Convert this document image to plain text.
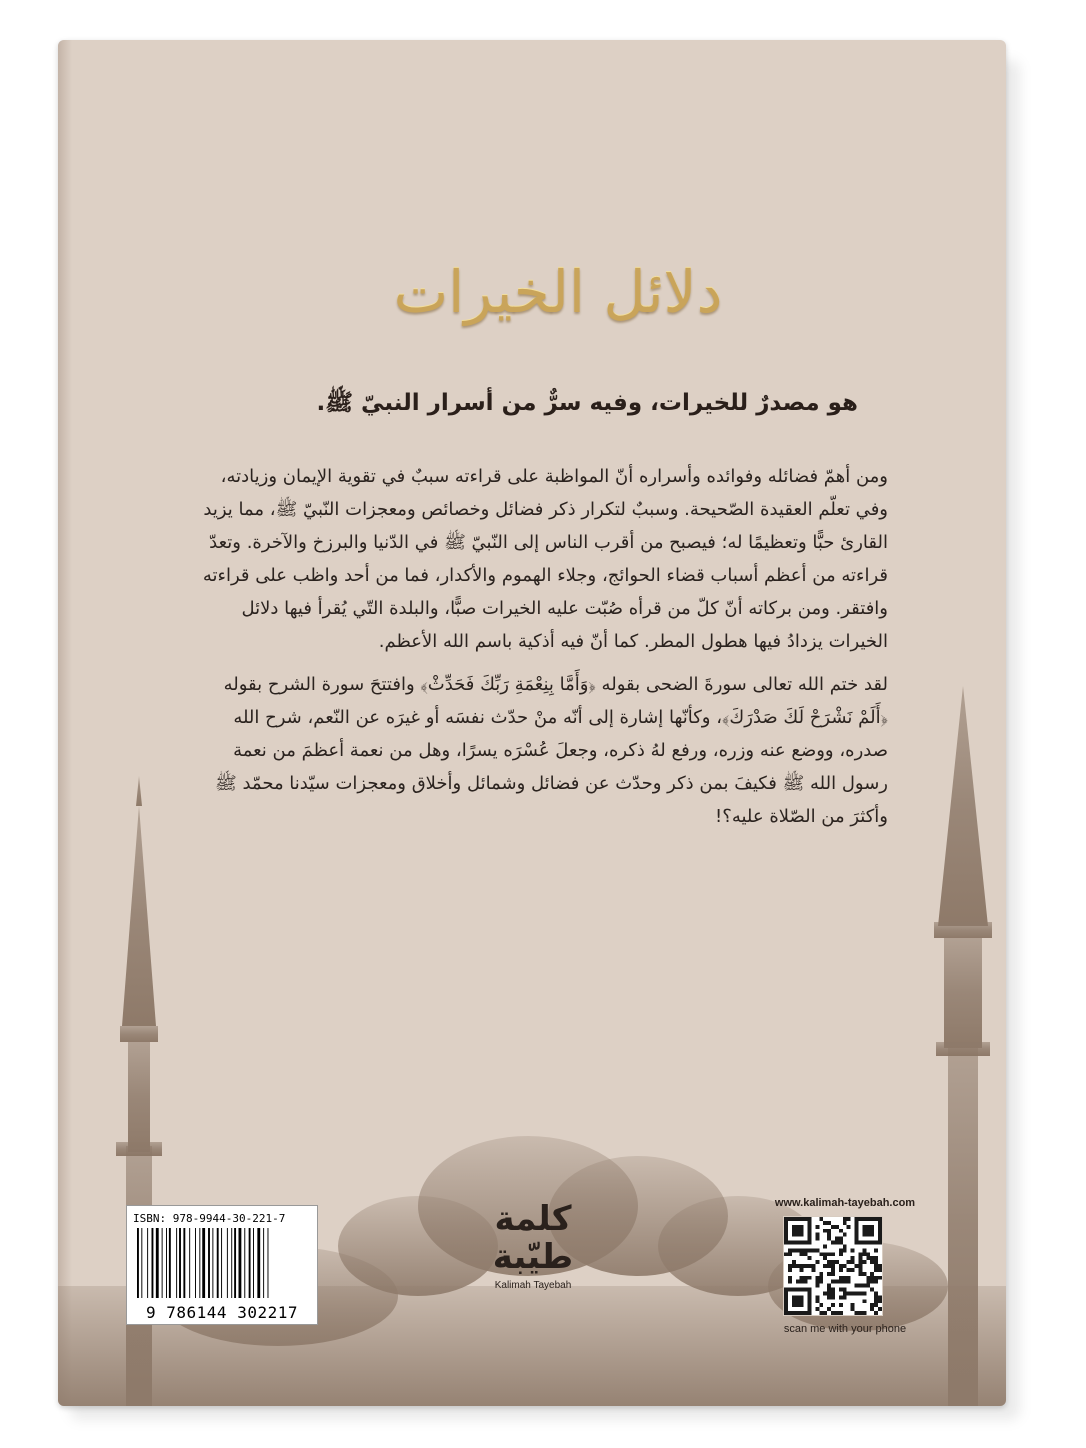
دلائل الخيرات
هو مصدرٌ للخيرات، وفيه سرٌّ من أسرار النبيّ ﷺ.

ومن أهمّ فضائله وفوائده وأسراره أنّ المواظبة على قراءته سببٌ في تقوية الإيمان وزيادته، وفي تعلّم العقيدة الصّحيحة. وسببٌ لتكرار ذكر فضائل وخصائص ومعجزات النّبيّ ﷺ، مما يزيد القارئ حبًّا وتعظيمًا له؛ فيصبح من أقرب الناس إلى النّبيّ ﷺ في الدّنيا والبرزخ والآخرة. وتعدّ قراءته من أعظم أسباب قضاء الحوائج، وجلاء الهموم والأكدار، فما من أحد واظب على قراءته وافتقر. ومن بركاته أنّ كلّ من قرأه صُبّت عليه الخيرات صبًّا، والبلدة التّي يُقرأ فيها دلائل الخيرات يزدادُ فيها هطول المطر. كما أنّ فيه أذكية باسم الله الأعظم.

لقد ختم الله تعالى سورةَ الضحى بقوله ﴿وَأَمَّا بِنِعْمَةِ رَبِّكَ فَحَدِّثْ﴾ وافتتحَ سورة الشرح بقوله ﴿أَلَمْ نَشْرَحْ لَكَ صَدْرَكَ﴾، وكأنّها إشارة إلى أنّه منْ حدّث نفسَه أو غيرَه عن النّعم، شرح الله صدره، ووضع عنه وزره، ورفع لهُ ذكره، وجعلَ عُسْرَه يسرًا، وهل من نعمة أعظمَ من نعمة رسول الله ﷺ فكيفَ بمن ذكر وحدّث عن فضائل وشمائل وأخلاق ومعجزات سيّدنا محمّد ﷺ وأكثرَ من الصّلاة عليه؟!

ISBN: 978-9944-30-221-7
9 786144 302217
كلمة
طيّبة
Kalimah Tayebah
www.kalimah-tayebah.com
scan me with your phone
